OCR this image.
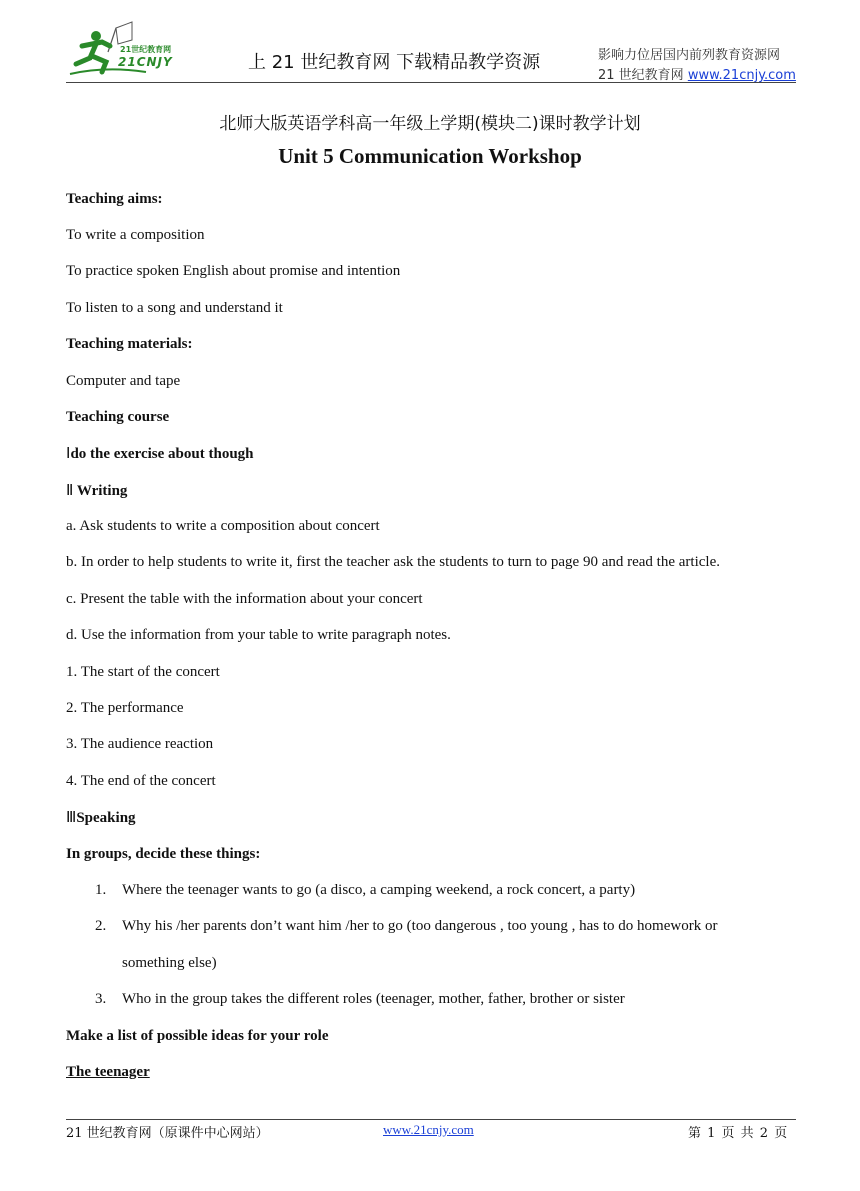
21世纪教育网
21CNJY	上 21 世纪教育网 下载精品教学资源	影响力位居国内前列教育资源网
21 世纪教育网 www.21cnjy.com
北师大版英语学科高一年级上学期(模块二)课时教学计划
Unit 5 Communication Workshop
Teaching aims:
To write a composition
To practice spoken English about promise and intention
To listen to a song and understand it
Teaching materials:
Computer and tape
Teaching course
Ⅰdo the exercise about though
Ⅱ Writing
a. Ask students to write a composition about concert
b. In order to help students to write it, first the teacher ask the students to turn to page 90 and read the article.
c. Present the table with the information about your concert
d. Use the information from your table to write paragraph notes.
1. The start of the concert
2. The performance
3. The audience reaction
4. The end of the concert
ⅢSpeaking
In groups, decide these things:
1. Where the teenager wants to go (a disco, a camping weekend, a rock concert, a party)
2. Why his /her parents don’t want him /her to go (too dangerous , too young , has to do homework or
something else)
3. Who in the group takes the different roles (teenager, mother, father, brother or sister
Make a list of possible ideas for your role
The teenager
21 世纪教育网（原课件中心网站）	www.21cnjy.com	第 1 页 共 2 页
